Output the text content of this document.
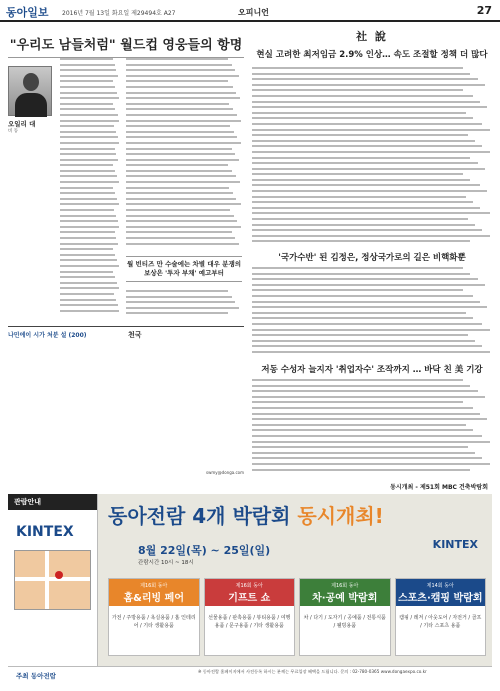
동아일보 2016년 7월 13일 화요일 제29494호 A27	오피니언	27
"우리도 남들처럼" 월드컵 영웅들의 항명
오일리 대
비 동
월 빈티즈 만 수술에는 차별 대우 분쟁의 보상은 '투자 부채' 예고부터
나민에이 시가 처분 설 (200)	천국
swmy@donga.com
社 說
현실 고려한 최저임금 2.9% 인상… 속도 조절할 정책 더 많다
'국가수반' 된 김정은, 정상국가로의 길은 비핵화뿐
저동 수성자 늘지자 '취업자수' 조작까지 … 바닥 친 美 기강
동시개최 - 제51회 MBC 건축박람회
관람안내
KINTEX
동아전람 4개 박람회 동시개최!
8월 22일(목) ~ 25일(일)
관람시간 10시 ~ 18시
KINTEX
제16회 동아
홈&리빙 페어
가전 / 주방용품 / 욕실용품 / 홈 인테리어 / 기타 생활용품
제16회 동아
기프트 쇼
선물용품 / 판촉용품 / 뷰티용품 / 여행용품 / 문구용품 / 기타 생활용품
제16회 동아
차·공예 박람회
차 / 다기 / 도자기 / 공예품 / 전통식품 / 웰빙용품
제14회 동아
스포츠·캠핑 박람회
캠핑 / 레저 / 아웃도어 / 자전거 / 골프 / 기타 스포츠 용품
주최 동아전람
※ 동아전람 홈페이지에서 사전등록 하시는 분께는 무료입장 혜택을 드립니다. 문의 : 02-780-0365 www.dongaexpo.co.kr
